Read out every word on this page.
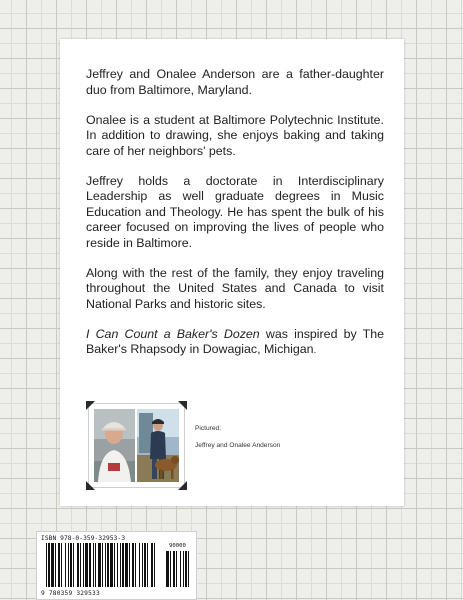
Jeffrey and Onalee Anderson are a father-daughter duo from Baltimore, Maryland.

Onalee is a student at Baltimore Polytechnic Institute. In addition to drawing, she enjoys baking and taking care of her neighbors' pets.

Jeffrey holds a doctorate in Interdisciplinary Leadership as well graduate degrees in Music Education and Theology. He has spent the bulk of his career focused on improving the lives of people who reside in Baltimore.

Along with the rest of the family, they enjoy traveling throughout the United States and Canada to visit National Parks and historic sites.

I Can Count a Baker's Dozen was inspired by The Baker's Rhapsody in Dowagiac, Michigan.

Pictured:
Jeffrey and Onalee Anderson
ISBN 978-0-359-32953-3
90000
9 780359 329533
